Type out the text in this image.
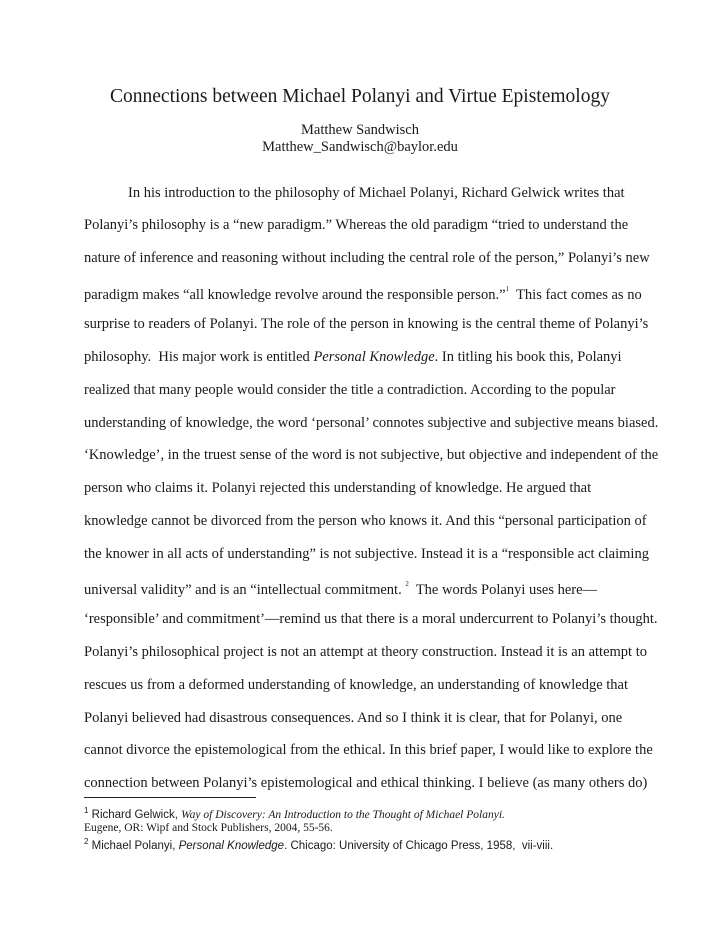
Connections between Michael Polanyi and Virtue Epistemology
Matthew Sandwisch
Matthew_Sandwisch@baylor.edu
In his introduction to the philosophy of Michael Polanyi, Richard Gelwick writes that
Polanyi’s philosophy is a “new paradigm.” Whereas the old paradigm “tried to understand the
nature of inference and reasoning without including the central role of the person,” Polanyi’s new
paradigm makes “all knowledge revolve around the responsible person.”$^1$  This fact comes as no
surprise to readers of Polanyi. The role of the person in knowing is the central theme of Polanyi’s
philosophy.  His major work is entitled Personal Knowledge. In titling his book this, Polanyi
realized that many people would consider the title a contradiction. According to the popular
understanding of knowledge, the word ‘personal’ connotes subjective and subjective means biased.
‘Knowledge’, in the truest sense of the word is not subjective, but objective and independent of the
person who claims it. Polanyi rejected this understanding of knowledge. He argued that
knowledge cannot be divorced from the person who knows it. And this “personal participation of
the knower in all acts of understanding” is not subjective. Instead it is a “responsible act claiming
universal validity” and is an “intellectual commitment. $^2$  The words Polanyi uses here—
‘responsible’ and commitment’—remind us that there is a moral undercurrent to Polanyi’s thought.
Polanyi’s philosophical project is not an attempt at theory construction. Instead it is an attempt to
rescues us from a deformed understanding of knowledge, an understanding of knowledge that
Polanyi believed had disastrous consequences. And so I think it is clear, that for Polanyi, one
cannot divorce the epistemological from the ethical. In this brief paper, I would like to explore the
connection between Polanyi’s epistemological and ethical thinking. I believe (as many others do)
$^1$ Richard Gelwick, Way of Discovery: An Introduction to the Thought of Michael Polanyi.
Eugene, OR: Wipf and Stock Publishers, 2004, 55-56.
$^2$ Michael Polanyi, Personal Knowledge. Chicago: University of Chicago Press, 1958,  vii-viii.
